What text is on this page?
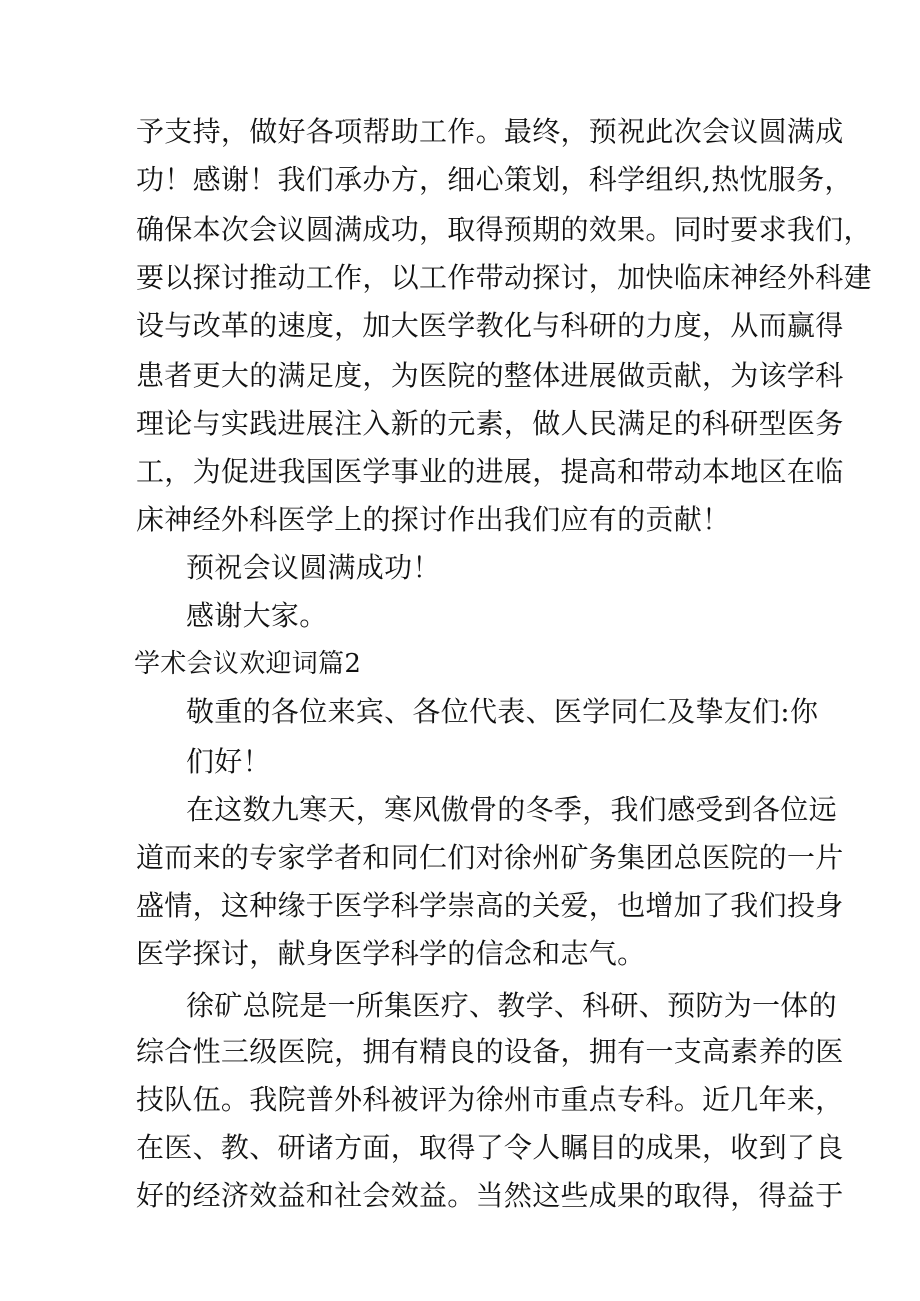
予支持，做好各项帮助工作。最终，预祝此次会议圆满成
功！感谢！我们承办方，细心策划，科学组织,热忱服务，
确保本次会议圆满成功，取得预期的效果。同时要求我们，
要以探讨推动工作，以工作带动探讨，加快临床神经外科建
设与改革的速度，加大医学教化与科研的力度，从而赢得
患者更大的满足度，为医院的整体进展做贡献，为该学科
理论与实践进展注入新的元素，做人民满足的科研型医务
工，为促进我国医学事业的进展，提高和带动本地区在临
床神经外科医学上的探讨作出我们应有的贡献！
预祝会议圆满成功！
感谢大家。
学术会议欢迎词篇2
敬重的各位来宾、各位代表、医学同仁及挚友们:你
们好！
在这数九寒天，寒风傲骨的冬季，我们感受到各位远
道而来的专家学者和同仁们对徐州矿务集团总医院的一片
盛情，这种缘于医学科学崇高的关爱，也增加了我们投身
医学探讨，献身医学科学的信念和志气。
徐矿总院是一所集医疗、教学、科研、预防为一体的
综合性三级医院，拥有精良的设备，拥有一支高素养的医
技队伍。我院普外科被评为徐州市重点专科。近几年来，
在医、教、研诸方面，取得了令人瞩目的成果，收到了良
好的经济效益和社会效益。当然这些成果的取得，得益于
